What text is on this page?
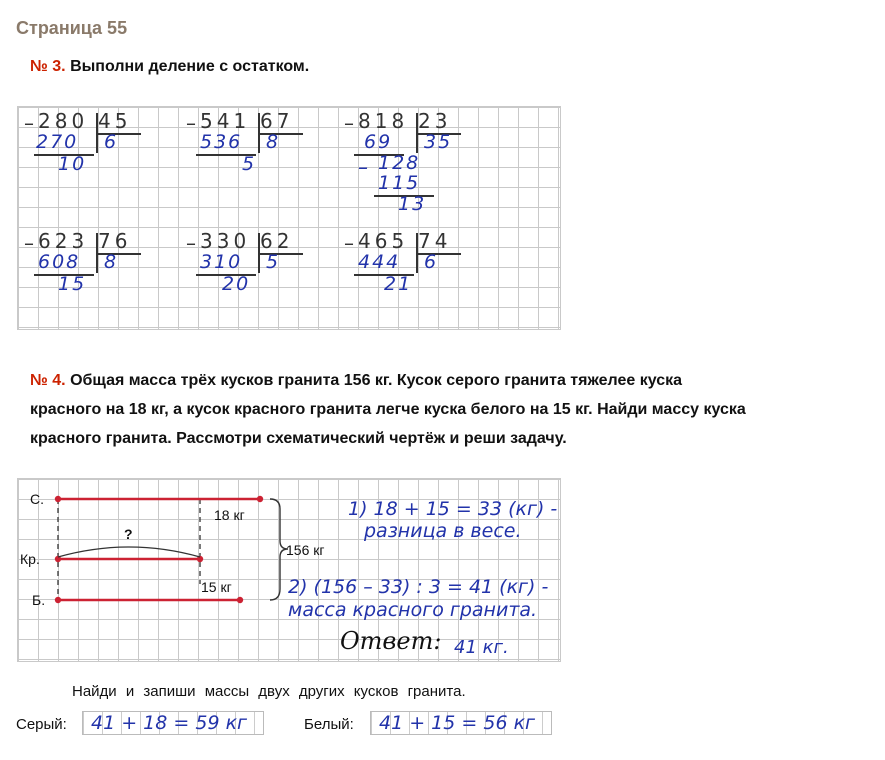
Страница 55
№ 3. Выполни деление с остатком.
– 280 45
270 6
10
– 541 67
536 8
5
– 818 23
69 35
– 128
115
13
– 623 76
608 8
15
– 330 62
310 5
20
– 465 74
444 6
21
№ 4. Общая масса трёх кусков гранита 156 кг. Кусок серого гранита тяжелее куска
красного на 18 кг, а кусок красного гранита легче куска белого на 15 кг. Найди массу куска
красного гранита. Рассмотри схематический чертёж и реши задачу.
С.
Кр.
Б.
?
18 кг
15 кг
156 кг
1) 18 + 15 = 33 (кг) -
разница в весе.
2) (156 – 33) : 3 = 41 (кг) -
масса красного гранита.
Ответ: 41 кг.
Найди и запиши массы двух других кусков гранита.
Серый: 41 + 18 = 59 кг	Белый: 41 + 15 = 56 кг
